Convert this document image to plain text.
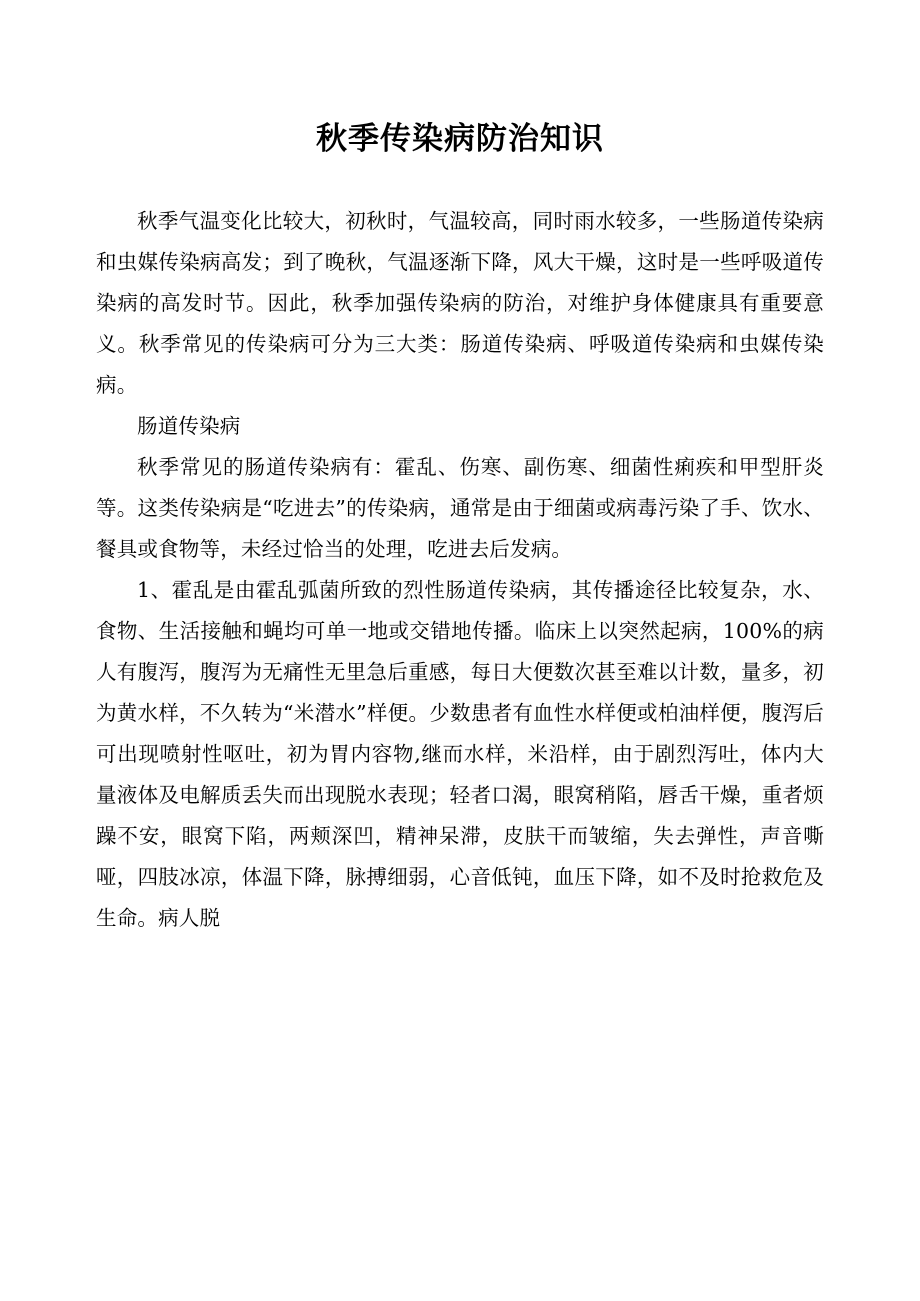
秋季传染病防治知识

秋季气温变化比较大，初秋时，气温较高，同时雨水较多，一些肠道传染病和虫媒传染病高发；到了晚秋，气温逐渐下降，风大干燥，这时是一些呼吸道传染病的高发时节。因此，秋季加强传染病的防治，对维护身体健康具有重要意义。秋季常见的传染病可分为三大类：肠道传染病、呼吸道传染病和虫媒传染病。

肠道传染病

秋季常见的肠道传染病有：霍乱、伤寒、副伤寒、细菌性痢疾和甲型肝炎等。这类传染病是“吃进去”的传染病，通常是由于细菌或病毒污染了手、饮水、餐具或食物等，未经过恰当的处理，吃进去后发病。

1、霍乱是由霍乱弧菌所致的烈性肠道传染病，其传播途径比较复杂，水、食物、生活接触和蝇均可单一地或交错地传播。临床上以突然起病，100%的病人有腹泻，腹泻为无痛性无里急后重感，每日大便数次甚至难以计数，量多，初为黄水样，不久转为“米潜水”样便。少数患者有血性水样便或柏油样便，腹泻后可出现喷射性呕吐，初为胃内容物,继而水样，米沿样，由于剧烈泻吐，体内大量液体及电解质丢失而出现脱水表现；轻者口渴，眼窝稍陷，唇舌干燥，重者烦躁不安，眼窝下陷，两颊深凹，精神呆滞，皮肤干而皱缩，失去弹性，声音嘶哑，四肢冰凉，体温下降，脉搏细弱，心音低钝，血压下降，如不及时抢救危及生命。病人脱
